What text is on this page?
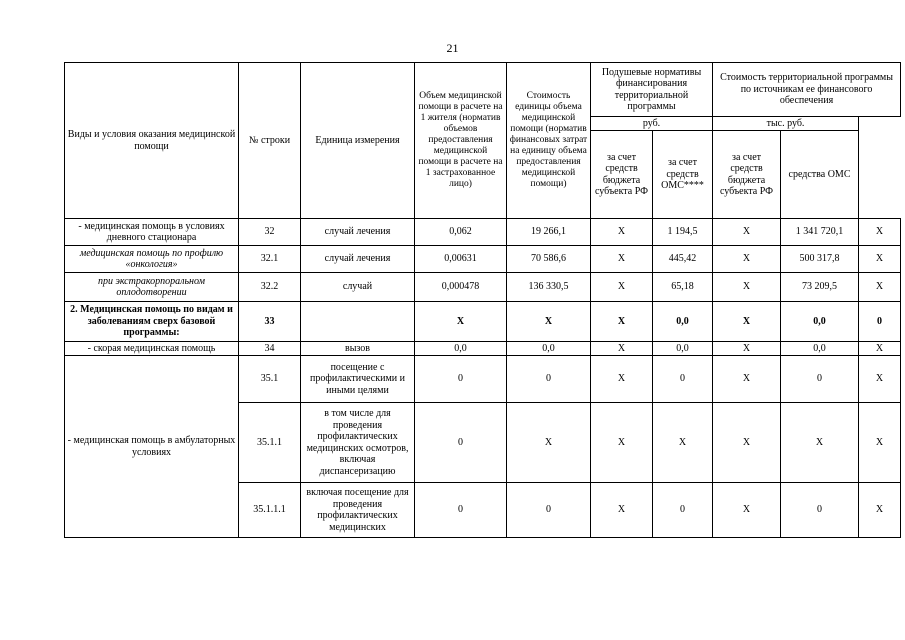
21
Виды и условия оказания медицинской помощи	№ строки	Единица измерения	Объем медицинской помощи в расчете на 1 жителя (норматив объемов предоставления медицинской помощи в расчете на 1 застрахованное лицо)	Стоимость единицы объема медицинской помощи (норматив финансовых затрат на единицу объема предоставления медицинской помощи)	Подушевые нормативы финансирования территориальной программы		Стоимость территориальной программы по источникам ее финансового обеспечения		
					руб.		тыс. руб.		
					за счет средств бюджета субъекта РФ	за счет средств ОМС****	за счет средств бюджета субъекта РФ	средства ОМС	
- медицинская помощь в условиях дневного стационара	32	случай лечения	0,062	19 266,1	Х	1 194,5	Х	1 341 720,1	Х
медицинская помощь по профилю «онкология»	32.1	случай лечения	0,00631	70 586,6	Х	445,42	Х	500 317,8	Х
при экстракорпоральном оплодотворении	32.2	случай	0,000478	136 330,5	Х	65,18	Х	73 209,5	Х
2. Медицинская помощь по видам и заболеваниям сверх базовой программы:	33		Х	Х	Х	0,0	Х	0,0	0
- скорая медицинская помощь	34	вызов	0,0	0,0	Х	0,0	Х	0,0	Х
- медицинская помощь в амбулаторных условиях	35.1	посещение с профилактическими и иными целями	0	0	Х	0	Х	0	Х
	35.1.1	в том числе для проведения профилактических медицинских осмотров, включая диспансеризацию	0	Х	Х	Х	Х	Х	Х
	35.1.1.1	включая посещение для проведения профилактических медицинских	0	0	Х	0	Х	0	Х
